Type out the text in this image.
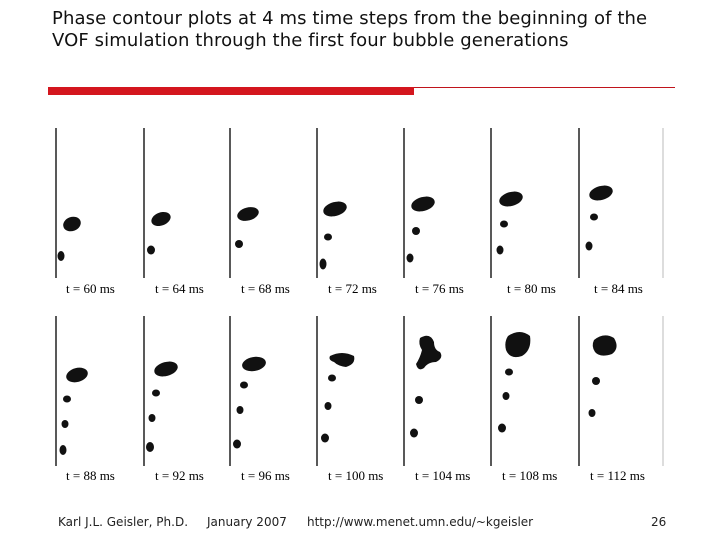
Phase contour plots at 4 ms time steps from the beginning of the VOF simulation through the first four bubble generations
t = 60 ms	t = 64 ms	t = 68 ms	t = 72 ms	t = 76 ms	t = 80 ms	t = 84 ms
t = 88 ms	t = 92 ms	t = 96 ms	t = 100 ms t = 104 ms t = 108 ms	t = 112 ms
Karl J.L. Geisler, Ph.D. January 2007 http://www.menet.umn.edu/~kgeisler	26
